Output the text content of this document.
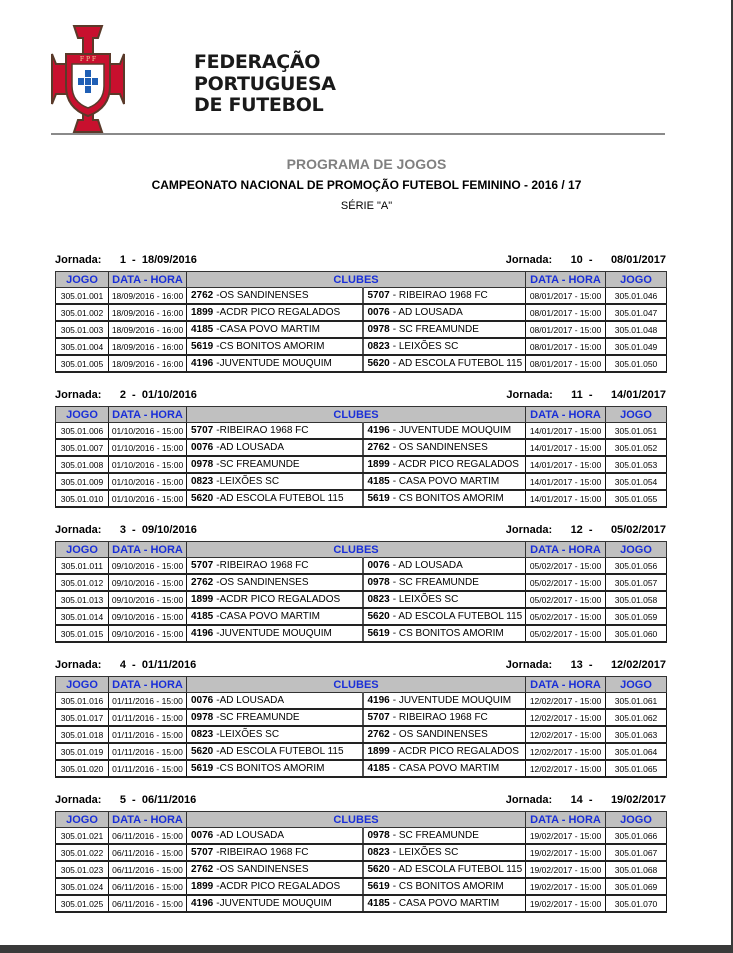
F P F	FEDERAÇÃO
PORTUGUESA
DE FUTEBOL
PROGRAMA DE JOGOS
CAMPEONATO NACIONAL DE PROMOÇÃO FUTEBOL FEMININO - 2016 / 17
SÉRIE "A"
Jornada: 1  -  18/09/2016	Jornada: 10  -      08/01/2017
JOGO	DATA - HORA	CLUBES		DATA - HORA	JOGO
305.01.001	18/09/2016 - 16:00	2762 -OS SANDINENSES	5707 - RIBEIRAO 1968 FC	08/01/2017 - 15:00	305.01.046
305.01.002	18/09/2016 - 16:00	1899 -ACDR PICO REGALADOS	0076 - AD LOUSADA	08/01/2017 - 15:00	305.01.047
305.01.003	18/09/2016 - 16:00	4185 -CASA POVO MARTIM	0978 - SC FREAMUNDE	08/01/2017 - 15:00	305.01.048
305.01.004	18/09/2016 - 16:00	5619 -CS BONITOS AMORIM	0823 - LEIXÕES SC	08/01/2017 - 15:00	305.01.049
305.01.005	18/09/2016 - 16:00	4196 -JUVENTUDE MOUQUIM	5620 - AD ESCOLA FUTEBOL 115	08/01/2017 - 15:00	305.01.050
Jornada: 2  -  01/10/2016	Jornada: 11  -      14/01/2017
JOGO	DATA - HORA	CLUBES		DATA - HORA	JOGO
305.01.006	01/10/2016 - 15:00	5707 -RIBEIRAO 1968 FC	4196 - JUVENTUDE MOUQUIM	14/01/2017 - 15:00	305.01.051
305.01.007	01/10/2016 - 15:00	0076 -AD LOUSADA	2762 - OS SANDINENSES	14/01/2017 - 15:00	305.01.052
305.01.008	01/10/2016 - 15:00	0978 -SC FREAMUNDE	1899 - ACDR PICO REGALADOS	14/01/2017 - 15:00	305.01.053
305.01.009	01/10/2016 - 15:00	0823 -LEIXÕES SC	4185 - CASA POVO MARTIM	14/01/2017 - 15:00	305.01.054
305.01.010	01/10/2016 - 15:00	5620 -AD ESCOLA FUTEBOL 115	5619 - CS BONITOS AMORIM	14/01/2017 - 15:00	305.01.055
Jornada: 3  -  09/10/2016	Jornada: 12  -      05/02/2017
JOGO	DATA - HORA	CLUBES		DATA - HORA	JOGO
305.01.011	09/10/2016 - 15:00	5707 -RIBEIRAO 1968 FC	0076 - AD LOUSADA	05/02/2017 - 15:00	305.01.056
305.01.012	09/10/2016 - 15:00	2762 -OS SANDINENSES	0978 - SC FREAMUNDE	05/02/2017 - 15:00	305.01.057
305.01.013	09/10/2016 - 15:00	1899 -ACDR PICO REGALADOS	0823 - LEIXÕES SC	05/02/2017 - 15:00	305.01.058
305.01.014	09/10/2016 - 15:00	4185 -CASA POVO MARTIM	5620 - AD ESCOLA FUTEBOL 115	05/02/2017 - 15:00	305.01.059
305.01.015	09/10/2016 - 15:00	4196 -JUVENTUDE MOUQUIM	5619 - CS BONITOS AMORIM	05/02/2017 - 15:00	305.01.060
Jornada: 4  -  01/11/2016	Jornada: 13  -      12/02/2017
JOGO	DATA - HORA	CLUBES		DATA - HORA	JOGO
305.01.016	01/11/2016 - 15:00	0076 -AD LOUSADA	4196 - JUVENTUDE MOUQUIM	12/02/2017 - 15:00	305.01.061
305.01.017	01/11/2016 - 15:00	0978 -SC FREAMUNDE	5707 - RIBEIRAO 1968 FC	12/02/2017 - 15:00	305.01.062
305.01.018	01/11/2016 - 15:00	0823 -LEIXÕES SC	2762 - OS SANDINENSES	12/02/2017 - 15:00	305.01.063
305.01.019	01/11/2016 - 15:00	5620 -AD ESCOLA FUTEBOL 115	1899 - ACDR PICO REGALADOS	12/02/2017 - 15:00	305.01.064
305.01.020	01/11/2016 - 15:00	5619 -CS BONITOS AMORIM	4185 - CASA POVO MARTIM	12/02/2017 - 15:00	305.01.065
Jornada: 5  -  06/11/2016	Jornada: 14  -      19/02/2017
JOGO	DATA - HORA	CLUBES		DATA - HORA	JOGO
305.01.021	06/11/2016 - 15:00	0076 -AD LOUSADA	0978 - SC FREAMUNDE	19/02/2017 - 15:00	305.01.066
305.01.022	06/11/2016 - 15:00	5707 -RIBEIRAO 1968 FC	0823 - LEIXÕES SC	19/02/2017 - 15:00	305.01.067
305.01.023	06/11/2016 - 15:00	2762 -OS SANDINENSES	5620 - AD ESCOLA FUTEBOL 115	19/02/2017 - 15:00	305.01.068
305.01.024	06/11/2016 - 15:00	1899 -ACDR PICO REGALADOS	5619 - CS BONITOS AMORIM	19/02/2017 - 15:00	305.01.069
305.01.025	06/11/2016 - 15:00	4196 -JUVENTUDE MOUQUIM	4185 - CASA POVO MARTIM	19/02/2017 - 15:00	305.01.070
